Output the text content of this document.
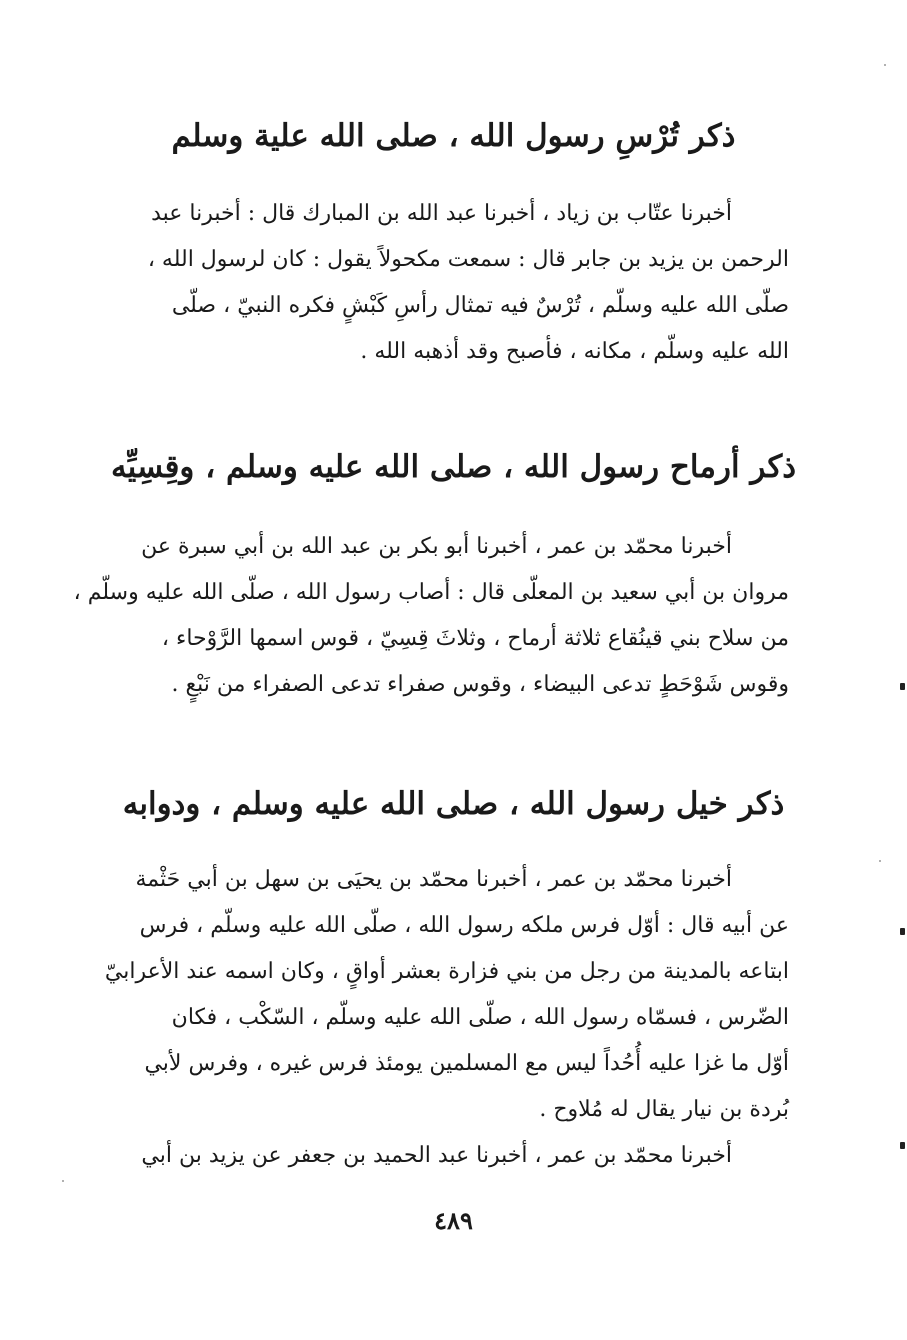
ذكر تُرْسِ رسول الله ، صلى الله علية وسلم
أخبرنا عتّاب بن زياد ، أخبرنا عبد الله بن المبارك قال : أخبرنا عبد
الرحمن بن يزيد بن جابر قال : سمعت مكحولاً يقول : كان لرسول الله ،
صلّى الله عليه وسلّم ، تُرْسٌ فيه تمثال رأسِ كَبْشٍ فكره النبيّ ، صلّى
الله عليه وسلّم ، مكانه ، فأصبح وقد أذهبه الله .
ذكر أرماح رسول الله ، صلى الله عليه وسلم ، وقِسِيِّه
أخبرنا محمّد بن عمر ، أخبرنا أبو بكر بن عبد الله بن أبي سبرة عن
مروان بن أبي سعيد بن المعلّى قال : أصاب رسول الله ، صلّى الله عليه وسلّم ،
من سلاح بني قينُقاع ثلاثة أرماح ، وثلاثَ قِسِيّ ، قوس اسمها الرَّوْحاء ،
وقوس شَوْحَطٍ تدعى البيضاء ، وقوس صفراء تدعى الصفراء من نَبْعٍ .
ذكر خيل رسول الله ، صلى الله عليه وسلم ، ودوابه
أخبرنا محمّد بن عمر ، أخبرنا محمّد بن يحيَى بن سهل بن أبي حَثْمة
عن أبيه قال : أوّل فرس ملكه رسول الله ، صلّى الله عليه وسلّم ، فرس
ابتاعه بالمدينة من رجل من بني فزارة بعشر أواقٍ ، وكان اسمه عند الأعرابيّ
الضّرس ، فسمّاه رسول الله ، صلّى الله عليه وسلّم ، السّكْب ، فكان
أوّل ما غزا عليه أُحُداً ليس مع المسلمين يومئذ فرس غيره ، وفرس لأبي
بُردة بن نيار يقال له مُلاوح .
أخبرنا محمّد بن عمر ، أخبرنا عبد الحميد بن جعفر عن يزيد بن أبي
٤٨٩
